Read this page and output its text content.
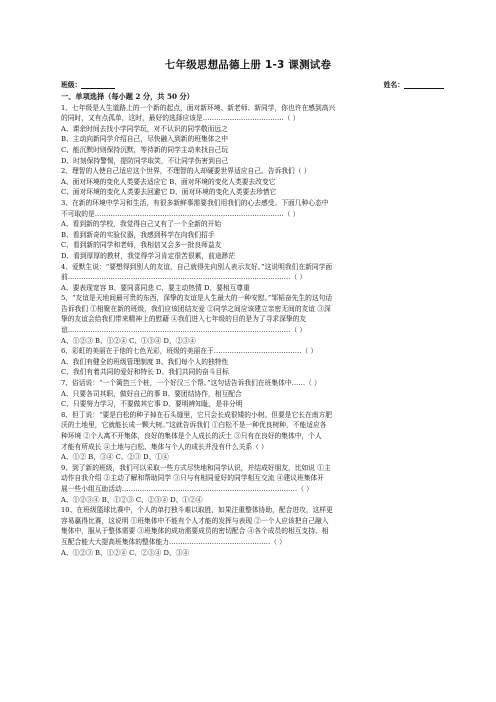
七年级思想品德上册 1-3 课测试卷
班级：	姓名：
一、单项选择（每小题 2 分，共 50 分）
1、七年级是人生道路上的一个新的起点，面对新环境、新老师、新同学，你也许在感到高兴
的同时，又有点孤单，这时，最好的选择应该是………………………………（ ）
A、课余时间去找小学同学玩，对不认识的同学敬而远之
B、主动向新同学介绍自己，尽快融入到新的班集体之中
C、能沉默时则保持沉默，等待新的同学主动来找自己玩
D、时刻保持警惕，提防同学取笑，不让同学伤害到自己
2、理智的人使自己适应这个世界，不理智的人却硬要世界适应自己。告诉我们（ ）
A、面对环境的变化人类要去适应它 B、面对环境的变化人类要去改变它
C、面对环境的变化人类要去回避它 D、面对环境的变化人类要去珍惜它
3、在新的环境中学习和生活，有很多新鲜事需要我们用我们的心去感受。下面几种心态中
不可取的是…………………………………………………………………………（ ）
A、看到新的学校，我觉得自己又有了一个全新的开始
B、看到新奇的实验仪器，我感到科学在向我们招手
C、看到新的同学和老师，我相信又会多一批良师益友
D、看到厚厚的教材，我觉得学习肯定很苦很累，前途渺茫
4、爱默生说：“要想得到别人的友谊，自己就得先向别人表示友好。”这说明我们在新同学面
前………………………………………………………………………………………（ ）
A、要表现宽容 B、要同喜同悲 C、要主动热情 D、要相互尊重
5、“友谊是天地间最可贵的东西，深挚的友谊是人生最大的一种安慰。”邹韬奋先生的这句话
告诉我们 ①相聚在新的班级，我们应该团结友爱 ②同学之间应该建立亲密无间的友谊 ③深
挚的友谊会给我们带来精神上的慰藉 ④我们进入七年级的目的是为了寻求深挚的友
谊………………………………………………………………………………………（ ）
A、①②③ B、①②④ C、①③④ D、②③④
6、彩虹的美丽在于他的七色光彩，班级的美丽在于…………………………………（ ）
A、我们有健全的班级管理制度 B、我们每个人的独特性
C、我们有着共同的爱好和特长 D、我们共同的奋斗目标
7、俗话说：“一个篱笆三个桩，一个好汉三个帮。”这句话告诉我们在班集体中……（ ）
A、只要各司其职，做好自己的事 B、要团结协作，相互配合
C、只要努力学习，不要做其它事 D、要明辨知耻，是非分明
8、但丁说：“要是白松的种子掉在石头缝里，它只会长成很矮的小树。但要是它长在南方肥
沃的土地里，它就能长成一颗大树。”这就告诉我们 ①白松不是一种优良树种，不能适应各
种环境 ②个人离不开集体，良好的集体是个人成长的沃土 ③只有在良好的集体中，个人
才能有所成长 ④土地与白松、集体与个人的成长并没有什么关系（ ）
A、①② B、③④ C、②③ D、①④
9、到了新的班级，我们可以采取一些方式尽快地和同学认识，并结成好朋友，比如说 ①主
动作自我介绍 ②主动了解和帮助同学 ③只与有相同爱好的同学相互交流 ④建议班集体开
展一些小组互助活动……………………………………………………………………（ ）
A、①②③④ B、①②③ C、②③④ D、①②④
10、在班级篮球比赛中，个人的单打独斗难以取胜，如果注重整体协助，配合进攻，这样更
容易赢得比赛，这说明 ①班集体中不能有个人才能的发挥与表现 ②一个人应该把自己融入
集体中，服从于整体需要 ③班集体的成功需要成员的密切配合 ④各个成员的相互支持、相
互配合能大大提高班集体的整体能力………………………………………（ ）
A、①②③ B、①②④ C、②③④ D、③④
